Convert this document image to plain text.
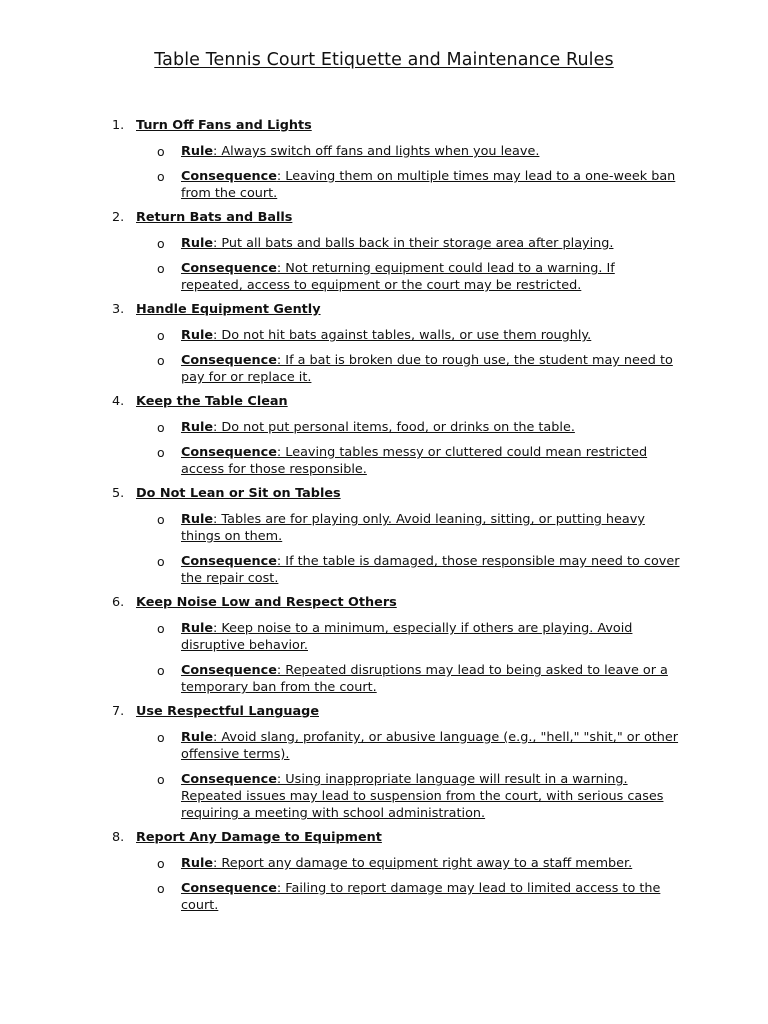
Table Tennis Court Etiquette and Maintenance Rules
1. Turn Off Fans and Lights
o Rule: Always switch off fans and lights when you leave.
o Consequence: Leaving them on multiple times may lead to a one-week ban from the court.
2. Return Bats and Balls
o Rule: Put all bats and balls back in their storage area after playing.
o Consequence: Not returning equipment could lead to a warning. If repeated, access to equipment or the court may be restricted.
3. Handle Equipment Gently
o Rule: Do not hit bats against tables, walls, or use them roughly.
o Consequence: If a bat is broken due to rough use, the student may need to pay for or replace it.
4. Keep the Table Clean
o Rule: Do not put personal items, food, or drinks on the table.
o Consequence: Leaving tables messy or cluttered could mean restricted access for those responsible.
5. Do Not Lean or Sit on Tables
o Rule: Tables are for playing only. Avoid leaning, sitting, or putting heavy things on them.
o Consequence: If the table is damaged, those responsible may need to cover the repair cost.
6. Keep Noise Low and Respect Others
o Rule: Keep noise to a minimum, especially if others are playing. Avoid disruptive behavior.
o Consequence: Repeated disruptions may lead to being asked to leave or a temporary ban from the court.
7. Use Respectful Language
o Rule: Avoid slang, profanity, or abusive language (e.g., "hell," "shit," or other offensive terms).
o Consequence: Using inappropriate language will result in a warning. Repeated issues may lead to suspension from the court, with serious cases requiring a meeting with school administration.
8. Report Any Damage to Equipment
o Rule: Report any damage to equipment right away to a staff member.
o Consequence: Failing to report damage may lead to limited access to the court.
